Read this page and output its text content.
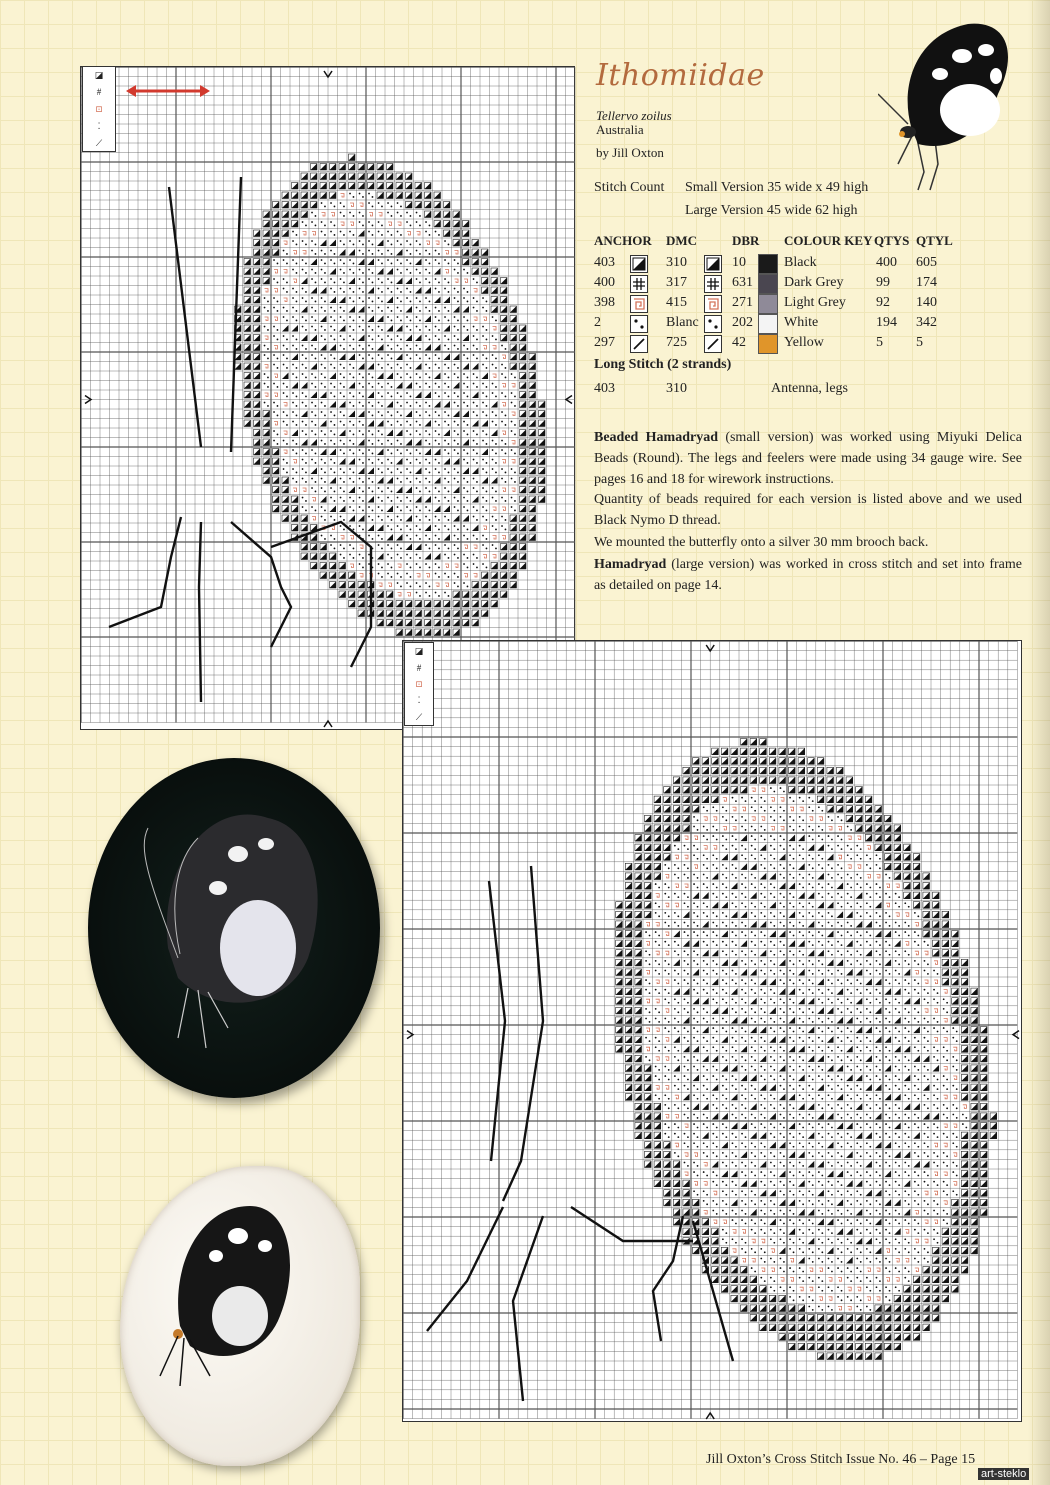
◪
#
⊡
⁚
⟋
◪
#
⊡
⁚
⟋
Ithomiidae
Tellervo zoilus
Australia
by Jill Oxton
Stitch Count Small Version 35 wide x 49 high
Large Version 45 wide 62 high
ANCHOR DMC	DBR COLOUR KEY QTYS QTYL
403	310	10	Black	400 605
400	317	631 Dark Grey 99 174
398	415	271 Light Grey 92 140
2	Blanc 202 White	194 342
297	725	42	Yellow	5 5
Long Stitch (2 strands)
403	310	Antenna, legs
Beaded Hamadryad (small version) was worked using Miyuki Delica Beads (Round). The legs and feelers were made using 34 gauge wire. See pages 16 and 18 for wirework instructions.
Quantity of beads required for each version is listed above and we used Black Nymo D thread.
We mounted the butterfly onto a silver 30 mm brooch back.
Hamadryad (large version) was worked in cross stitch and set into frame as detailed on page 14.
Jill Oxton’s Cross Stitch Issue No. 46 – Page 15
art-steklo
